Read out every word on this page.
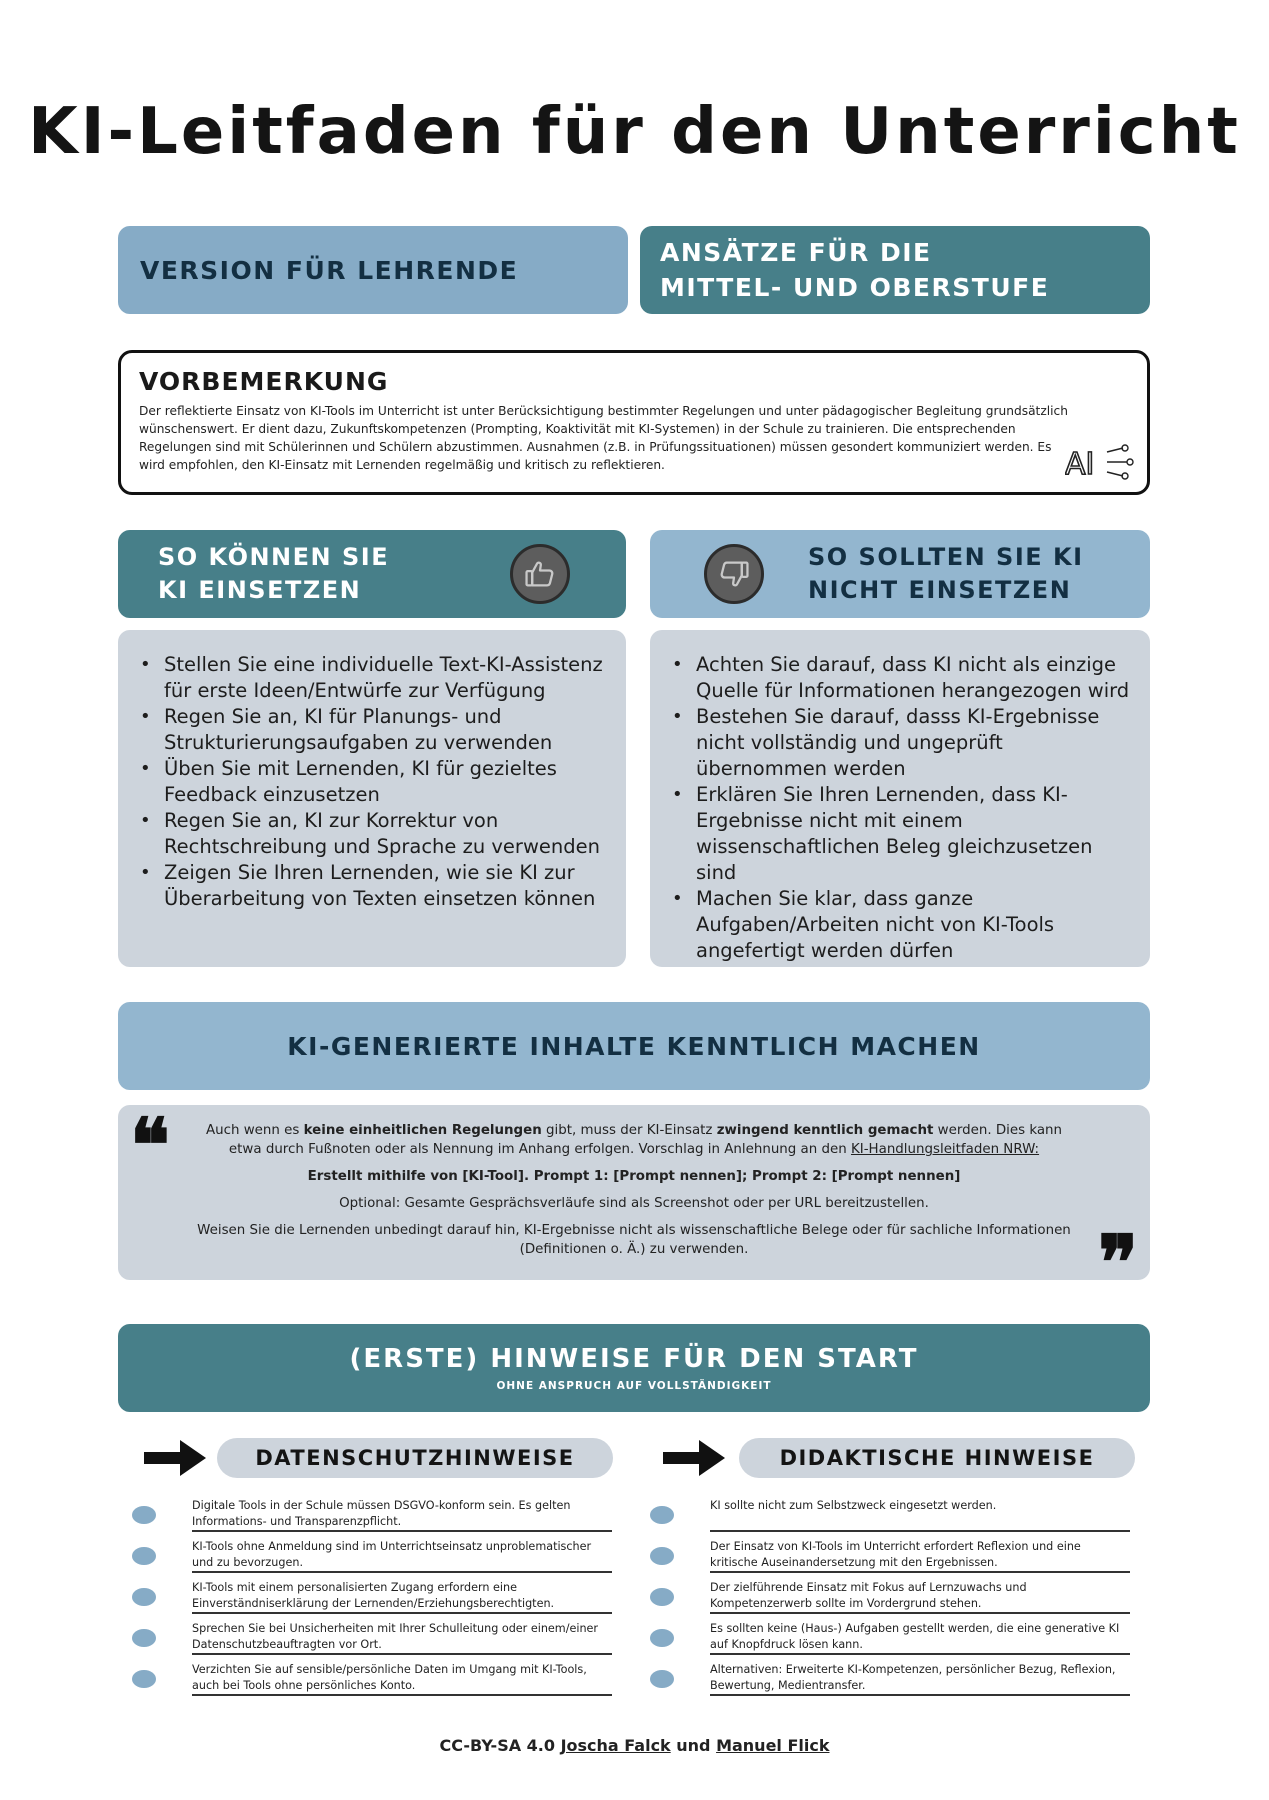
KI-Leitfaden für den Unterricht
VERSION FÜR LEHRENDE
ANSÄTZE FÜR DIE
MITTEL- UND OBERSTUFE
VORBEMERKUNG
Der reflektierte Einsatz von KI-Tools im Unterricht ist unter Berücksichtigung bestimmter Regelungen und unter pädagogischer Begleitung grundsätzlich wünschenswert. Er dient dazu, Zukunftskompetenzen (Prompting, Koaktivität mit KI-Systemen) in der Schule zu trainieren. Die entsprechenden Regelungen sind mit Schülerinnen und Schülern abzustimmen. Ausnahmen (z.B. in Prüfungssituationen) müssen gesondert kommuniziert werden. Es wird empfohlen, den KI-Einsatz mit Lernenden regelmäßig und kritisch zu reflektieren.	AI
SO KÖNNEN SIE
KI EINSETZEN
SO SOLLTEN SIE KI
NICHT EINSETZEN
• Stellen Sie eine individuelle Text-KI-Assistenz für erste Ideen/Entwürfe zur Verfügung
• Regen Sie an, KI für Planungs- und Strukturierungsaufgaben zu verwenden
• Üben Sie mit Lernenden, KI für gezieltes Feedback einzusetzen
• Regen Sie an, KI zur Korrektur von Rechtschreibung und Sprache zu verwenden
• Zeigen Sie Ihren Lernenden, wie sie KI zur Überarbeitung von Texten einsetzen können
• Achten Sie darauf, dass KI nicht als einzige Quelle für Informationen herangezogen wird
• Bestehen Sie darauf, dasss KI-Ergebnisse nicht vollständig und ungeprüft übernommen werden
• Erklären Sie Ihren Lernenden, dass KI-Ergebnisse nicht mit einem wissenschaftlichen Beleg gleichzusetzen sind
• Machen Sie klar, dass ganze Aufgaben/Arbeiten nicht von KI-Tools angefertigt werden dürfen
KI-GENERIERTE INHALTE KENNTLICH MACHEN
❝	Auch wenn es keine einheitlichen Regelungen gibt, muss der KI-Einsatz zwingend kenntlich gemacht werden. Dies kann etwa durch Fußnoten oder als Nennung im Anhang erfolgen. Vorschlag in Anlehnung an den KI-Handlungsleitfaden NRW:

Erstellt mithilfe von [KI-Tool]. Prompt 1: [Prompt nennen]; Prompt 2: [Prompt nennen]

Optional: Gesamte Gesprächsverläufe sind als Screenshot oder per URL bereitzustellen.

Weisen Sie die Lernenden unbedingt darauf hin, KI-Ergebnisse nicht als wissenschaftliche Belege oder für sachliche Informationen (Definitionen o. Ä.) zu verwenden.	❞
(ERSTE) HINWEISE FÜR DEN START
OHNE ANSPRUCH AUF VOLLSTÄNDIGKEIT
DATENSCHUTZHINWEISE	DIDAKTISCHE HINWEISE
Digitale Tools in der Schule müssen DSGVO-konform sein. Es gelten Informations- und Transparenzpflicht.
KI-Tools ohne Anmeldung sind im Unterrichtseinsatz unproblematischer und zu bevorzugen.
KI-Tools mit einem personalisierten Zugang erfordern eine Einverständniserklärung der Lernenden/Erziehungsberechtigten.
Sprechen Sie bei Unsicherheiten mit Ihrer Schulleitung oder einem/einer Datenschutzbeauftragten vor Ort.
Verzichten Sie auf sensible/persönliche Daten im Umgang mit KI-Tools, auch bei Tools ohne persönliches Konto.
KI sollte nicht zum Selbstzweck eingesetzt werden.
Der Einsatz von KI-Tools im Unterricht erfordert Reflexion und eine kritische Auseinandersetzung mit den Ergebnissen.
Der zielführende Einsatz mit Fokus auf Lernzuwachs und Kompetenzerwerb sollte im Vordergrund stehen.
Es sollten keine (Haus-) Aufgaben gestellt werden, die eine generative KI auf Knopfdruck lösen kann.
Alternativen: Erweiterte KI-Kompetenzen, persönlicher Bezug, Reflexion, Bewertung, Medientransfer.
CC-BY-SA 4.0 Joscha Falck und Manuel Flick
